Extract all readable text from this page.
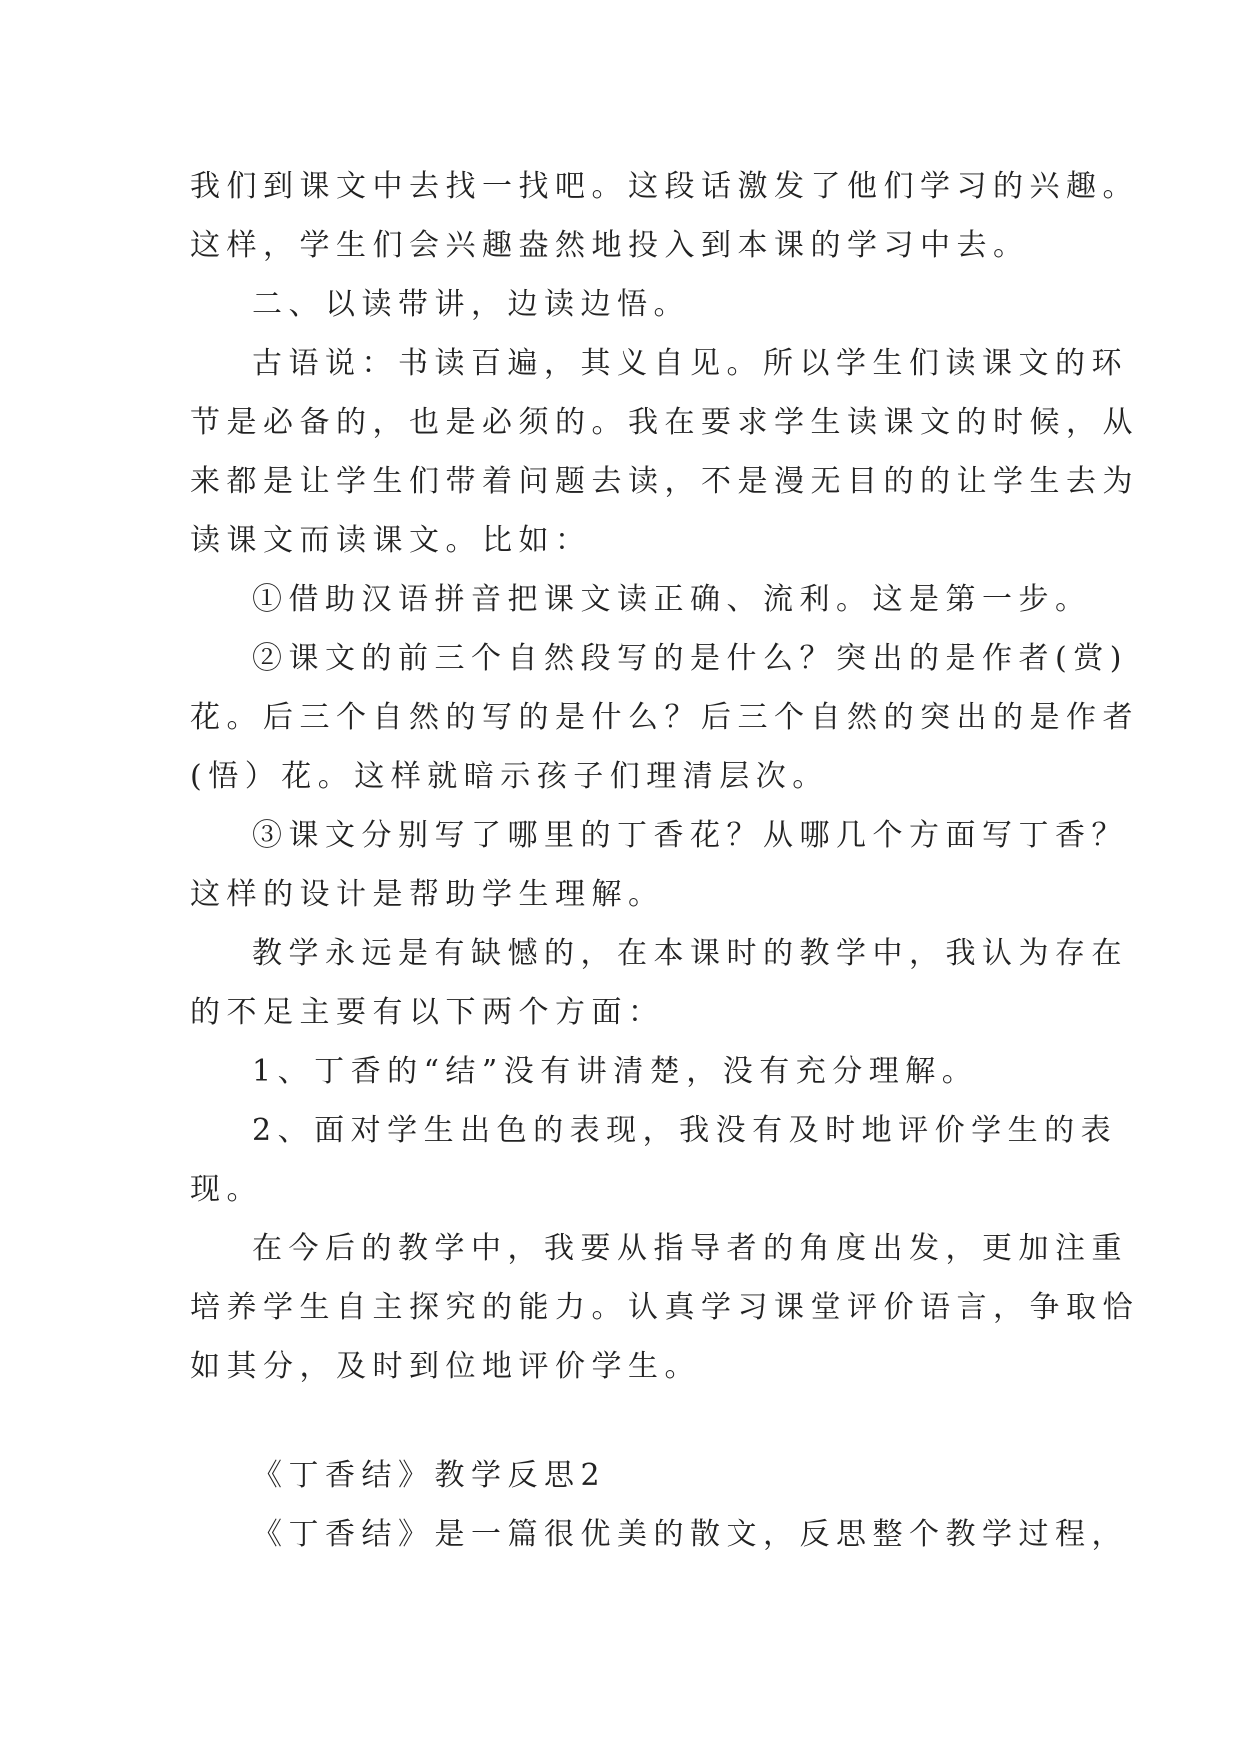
我们到课文中去找一找吧。这段话激发了他们学习的兴趣。

这样，学生们会兴趣盎然地投入到本课的学习中去。

二、以读带讲，边读边悟。

古语说：书读百遍，其义自见。所以学生们读课文的环

节是必备的，也是必须的。我在要求学生读课文的时候，从

来都是让学生们带着问题去读，不是漫无目的的让学生去为

读课文而读课文。比如：

①借助汉语拼音把课文读正确、流利。这是第一步。

②课文的前三个自然段写的是什么？突出的是作者(赏)

花。后三个自然的写的是什么？后三个自然的突出的是作者

(悟）花。这样就暗示孩子们理清层次。

③课文分别写了哪里的丁香花？从哪几个方面写丁香？

这样的设计是帮助学生理解。

教学永远是有缺憾的，在本课时的教学中，我认为存在

的不足主要有以下两个方面：

1、丁香的“结”没有讲清楚，没有充分理解。

2、面对学生出色的表现，我没有及时地评价学生的表

现。

在今后的教学中，我要从指导者的角度出发，更加注重

培养学生自主探究的能力。认真学习课堂评价语言，争取恰

如其分，及时到位地评价学生。

《丁香结》教学反思2

《丁香结》是一篇很优美的散文，反思整个教学过程，
